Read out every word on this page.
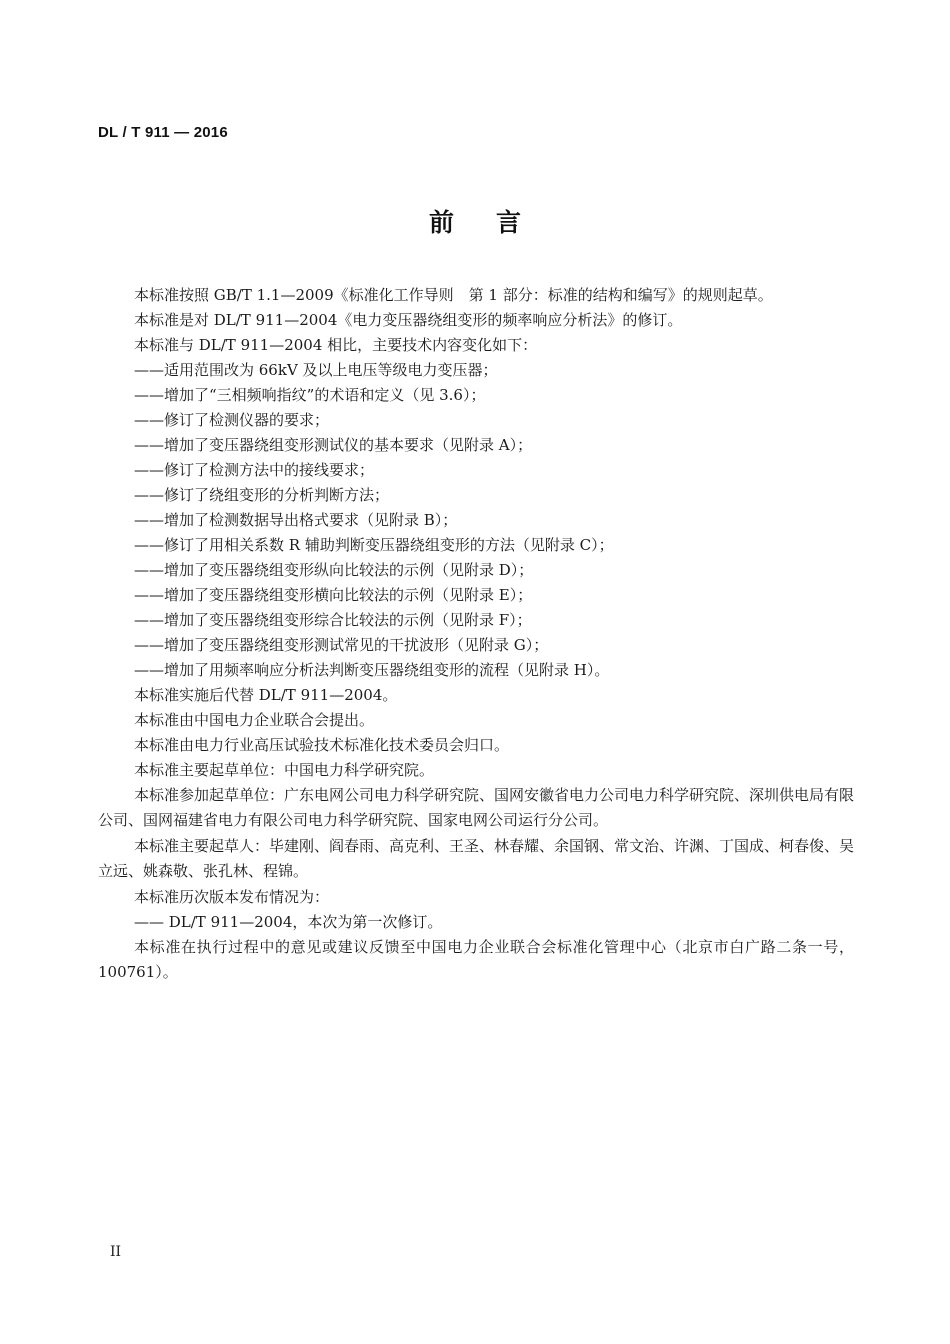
DL / T 911 — 2016
前言

本标准按照 GB/T 1.1—2009《标准化工作导则　第 1 部分：标准的结构和编写》的规则起草。

本标准是对 DL/T 911—2004《电力变压器绕组变形的频率响应分析法》的修订。

本标准与 DL/T 911—2004 相比，主要技术内容变化如下：

——适用范围改为 66kV 及以上电压等级电力变压器；

——增加了“三相频响指纹”的术语和定义（见 3.6）；

——修订了检测仪器的要求；

——增加了变压器绕组变形测试仪的基本要求（见附录 A）；

——修订了检测方法中的接线要求；

——修订了绕组变形的分析判断方法；

——增加了检测数据导出格式要求（见附录 B）；

——修订了用相关系数 R 辅助判断变压器绕组变形的方法（见附录 C）；

——增加了变压器绕组变形纵向比较法的示例（见附录 D）；

——增加了变压器绕组变形横向比较法的示例（见附录 E）；

——增加了变压器绕组变形综合比较法的示例（见附录 F）；

——增加了变压器绕组变形测试常见的干扰波形（见附录 G）；

——增加了用频率响应分析法判断变压器绕组变形的流程（见附录 H）。

本标准实施后代替 DL/T 911—2004。

本标准由中国电力企业联合会提出。

本标准由电力行业高压试验技术标准化技术委员会归口。

本标准主要起草单位：中国电力科学研究院。

本标准参加起草单位：广东电网公司电力科学研究院、国网安徽省电力公司电力科学研究院、深圳供电局有限公司、国网福建省电力有限公司电力科学研究院、国家电网公司运行分公司。

本标准主要起草人：毕建刚、阎春雨、高克利、王圣、林春耀、余国钢、常文治、许渊、丁国成、柯春俊、吴立远、姚森敬、张孔林、程锦。

本标准历次版本发布情况为：

—— DL/T 911—2004，本次为第一次修订。

本标准在执行过程中的意见或建议反馈至中国电力企业联合会标准化管理中心（北京市白广路二条一号，100761）。

II
